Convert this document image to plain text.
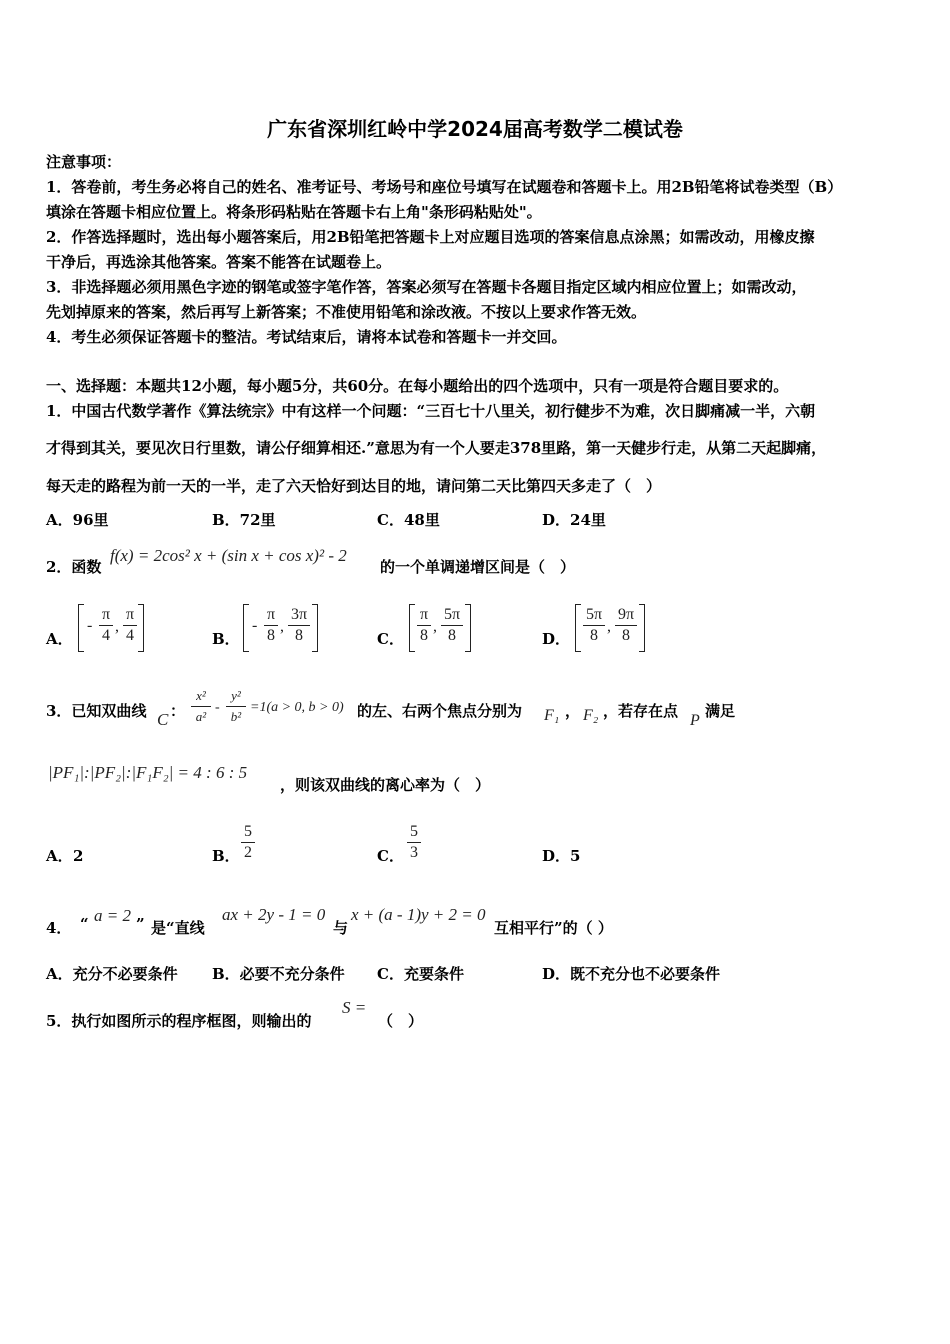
广东省深圳红岭中学2024届高考数学二模试卷
注意事项：
1．答卷前，考生务必将自己的姓名、准考证号、考场号和座位号填写在试题卷和答题卡上。用2B铅笔将试卷类型（B）
填涂在答题卡相应位置上。将条形码粘贴在答题卡右上角"条形码粘贴处"。
2．作答选择题时，选出每小题答案后，用2B铅笔把答题卡上对应题目选项的答案信息点涂黑；如需改动，用橡皮擦
干净后，再选涂其他答案。答案不能答在试题卷上。
3．非选择题必须用黑色字迹的钢笔或签字笔作答，答案必须写在答题卡各题目指定区域内相应位置上；如需改动，
先划掉原来的答案，然后再写上新答案；不准使用铅笔和涂改液。不按以上要求作答无效。
4．考生必须保证答题卡的整洁。考试结束后，请将本试卷和答题卡一并交回。
一、选择题：本题共12小题，每小题5分，共60分。在每小题给出的四个选项中，只有一项是符合题目要求的。
1．中国古代数学著作《算法统宗》中有这样一个问题：“三百七十八里关，初行健步不为难，次日脚痛减一半，六朝
才得到其关，要见次日行里数，请公仔细算相还.”意思为有一个人要走378里路，第一天健步行走，从第二天起脚痛，
每天走的路程为前一天的一半，走了六天恰好到达目的地，请问第二天比第四天多走了（　）
A．96里	B．72里	C．48里	D．24里
2．函数
f(x) = 2cos² x + (sin x + cos x)² - 2
的一个单调递增区间是（　）
A．
-
π
4
,
π
4	B．
-
π
8
,
3π
8	C．
π
8
,
5π
8	D．
5π
8
,
9π
8
3．已知双曲线 C ：
x²
a²
-
y²
b²
=1(a > 0, b > 0) 的左、右两个焦点分别为 F₁ ， F₂ ，若存在点
P
满足
|PF₁|:|PF₂|:|F₁F₂| = 4 : 6 : 5
，则该双曲线的离心率为（　）
A． 2	B．
5
2	C．
5
3	D． 5
4． “ a = 2 ” 是“直线
ax + 2y - 1 = 0
与
x + (a - 1)y + 2 = 0
互相平行”的（ ）
A．充分不必要条件 B．必要不充分条件 C．充要条件	D．既不充分也不必要条件
5．执行如图所示的程序框图，则输出的
S =
（　）
